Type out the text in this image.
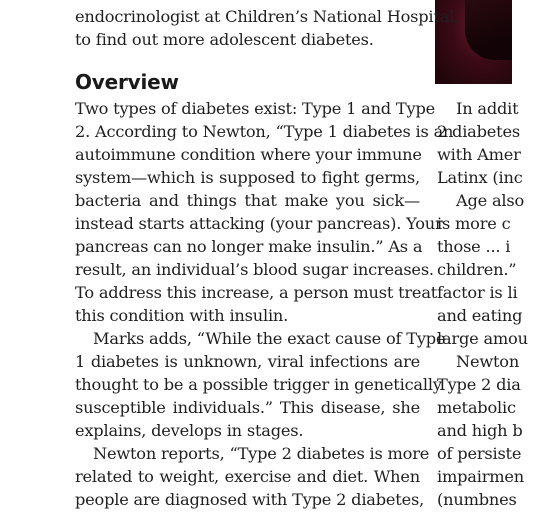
endocrinologist at Children’s National Hospital,
to find out more adolescent diabetes.
Overview
Two types of diabetes exist: Type 1 and Type
2. According to Newton, “Type 1 diabetes is an
autoimmune condition where your immune
system—which is supposed to fight germs,
bacteria and things that make you sick—
instead starts attacking (your pancreas). Your
pancreas can no longer make insulin.” As a
result, an individual’s blood sugar increases.
To address this increase, a person must treat
this condition with insulin.
Marks adds, “While the exact cause of Type
1 diabetes is unknown, viral infections are
thought to be a possible trigger in genetically
susceptible individuals.” This disease, she
explains, develops in stages.
Newton reports, “Type 2 diabetes is more
related to weight, exercise and diet. When
people are diagnosed with Type 2 diabetes,
In addit
2 diabetes
with Amer
Latinx (inc
Age also
is more c
those ... i
children.”
factor is li
and eating
large amou
Newton
Type 2 dia
metabolic
and high b
of persiste
impairmen
(numbnes
